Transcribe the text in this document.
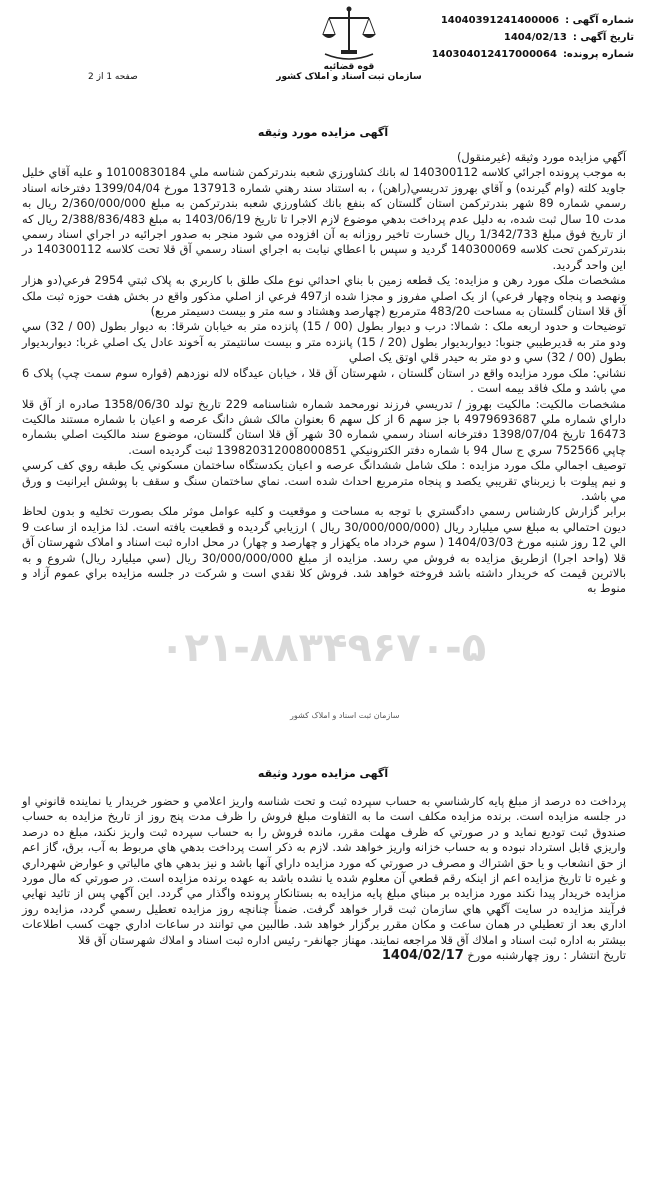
شماره آگهی :
14040391241400006
تاریخ آگهی :
1404/02/13
شماره پرونده:
140304012417000064
قوه قضائیه
سازمان ثبت اسناد و املاک کشور
صفحه 1 از 2
آگهی مزایده مورد وثیقه

آگهي مزايده مورد وثيقه (غيرمنقول)

به موجب پرونده اجرائي كلاسه 140300112 له بانك كشاورزي شعبه بندرتركمن شناسه ملي 10100830184 و عليه آقاي خليل جاويد كلته (وام گيرنده) و آقاي بهروز تدريسي(راهن) ، به استناد سند رهني شماره 137913 مورخ 1399/04/04 دفترخانه اسناد رسمي شماره 89 شهر بندرتركمن استان گلستان كه بنفع بانك كشاورزي شعبه بندرتركمن به مبلغ 2/360/000/000 ريال به مدت 10 سال ثبت شده، به دليل عدم پرداخت بدهي موضوع لازم الاجرا تا تاريخ 1403/06/19 به مبلغ 2/388/836/483 ريال كه از تاريخ فوق مبلغ 1/342/733 ريال خسارت تاخير روزانه به آن افزوده مي شود منجر به صدور اجرائيه در اجراي اسناد رسمي بندرتركمن تحت كلاسه 140300069 گرديد و سپس با اعطاي نيابت به اجراي اسناد رسمي آق قلا تحت كلاسه 140300112 در اين واحد گرديد.

مشخصات ملک مورد رهن و مزايده: يک قطعه زمين با بناي احداثي نوع ملک طلق با کاربري به پلاک ثبتي 2954 فرعي(دو هزار ونهصد و پنجاه وچهار فرعي) از يک اصلي مفروز و مجزا شده از497 فرعي از اصلي مذکور واقع در بخش هفت حوزه ثبت ملک آق قلا استان گلستان به مساحت 483/20 مترمربع (چهارصد وهشتاد و سه متر و بيست دسيمتر مربع)

توضيحات و حدود اربعه ملک : شمالا: درب و ديوار بطول (00 / 15) پانزده متر به خيابان شرقا: به ديوار بطول (00 / 32) سي ودو متر به قديرطيبي جنوبا: ديواربديوار بطول (20 / 15) پانزده متر و بيست سانتيمتر به آخوند عادل يک اصلي غربا: ديواربديوار بطول (00 / 32) سي و دو متر به حيدر قلي اوتق يک اصلي

نشاني: ملک مورد مزايده واقع در استان گلستان ، شهرستان آق قلا ، خيابان عيدگاه لاله نوزدهم (قواره سوم سمت چپ) پلاک 6 مي باشد و ملک فاقد بيمه است .

مشخصات مالکيت: مالکيت بهروز / تدريسي فرزند نورمحمد شماره شناسنامه 229 تاريخ تولد 1358/06/30 صادره از آق قلا داراي شماره ملي 4979693687 با جز سهم 6 از کل سهم 6 بعنوان مالک شش دانگ عرصه و اعيان با شماره مستند مالکيت 16473 تاريخ 1398/07/04 دفترخانه اسناد رسمي شماره 30 شهر آق قلا استان گلستان، موضوع سند مالکيت اصلي بشماره چاپي 752566 سري ج سال 94 با شماره دفتر الکترونيکي 139820312008000851 ثبت گرديده است.

توصيف اجمالي ملک مورد مزايده : ملک شامل ششدانگ عرصه و اعيان يکدستگاه ساختمان مسکوني يک طبقه روي کف کرسي و نيم پيلوت با زيربناي تقريبي يکصد و پنجاه مترمربع احداث شده است. نماي ساختمان سنگ و سقف با پوشش ايرانيت و ورق مي باشد.

برابر گزارش کارشناس رسمي دادگستري با توجه به مساحت و موقعيت و کليه عوامل موثر ملک بصورت تخليه و بدون لحاظ ديون احتمالي به مبلغ سي ميليارد ريال (30/000/000/000 ريال ) ارزيابي گرديده و قطعيت يافته است. لذا مزايده از ساعت 9 الي 12 روز شنبه مورخ 1404/03/03 ( سوم خرداد ماه يکهزار و چهارصد و چهار) در محل اداره ثبت اسناد و املاک شهرستان آق قلا (واحد اجرا) ازطريق مزايده به فروش مي رسد. مزايده از مبلغ 30/000/000/000 ريال (سي ميليارد ريال) شروع و به بالاترين قيمت که خريدار داشته باشد فروخته خواهد شد. فروش کلا نقدي است و شرکت در جلسه مزايده براي عموم آزاد و منوط به

۰۲۱-۸۸۳۴۹۶۷۰-۵
سازمان ثبت اسناد و املاک کشور
آگهی مزایده مورد وثیقه

پرداخت ده درصد از مبلغ پايه کارشناسي به حساب سپرده ثبت و تحت شناسه واريز اعلامي و حضور خريدار يا نماينده قانوني او در جلسه مزايده است. برنده مزايده مکلف است ما به التفاوت مبلغ فروش را ظرف مدت پنج روز از تاريخ مزايده به حساب صندوق ثبت توديع نمايد و در صورتي که ظرف مهلت مقرر، مانده فروش را به حساب سپرده ثبت واريز نکند، مبلغ ده درصد واريزي قابل استرداد نبوده و به حساب خزانه واريز خواهد شد. لازم به ذکر است پرداخت بدهي هاي مربوط به آب، برق، گاز اعم از حق انشعاب و يا حق اشتراك و مصرف در صورتي که مورد مزايده داراي آنها باشد و نيز بدهي هاي مالياتي و عوارض شهرداري و غيره تا تاريخ مزايده اعم از اينکه رقم قطعي آن معلوم شده يا نشده باشد به عهده برنده مزايده است. در صورتي که مال مورد مزايده خريدار پيدا نکند مورد مزايده بر مبناي مبلغ پايه مزايده به بستانكار پرونده واگذار مي گردد. اين آگهي پس از تائيد نهايي فرآيند مزايده در سايت آگهي هاي سازمان ثبت قرار خواهد گرفت. ضمناً چنانچه روز مزايده تعطيل رسمي گردد، مزايده روز اداري بعد از تعطيلي در همان ساعت و مكان مقرر برگزار خواهد شد. طالبين مي توانند در ساعات اداري جهت كسب اطلاعات بيشتر به اداره ثبت اسناد و املاك آق قلا مراجعه نمايند. مهناز جهانفر- رئيس اداره ثبت اسناد و املاك شهرستان آق قلا

تاريخ انتشار : روز چهارشنبه مورخ 1404/02/17
